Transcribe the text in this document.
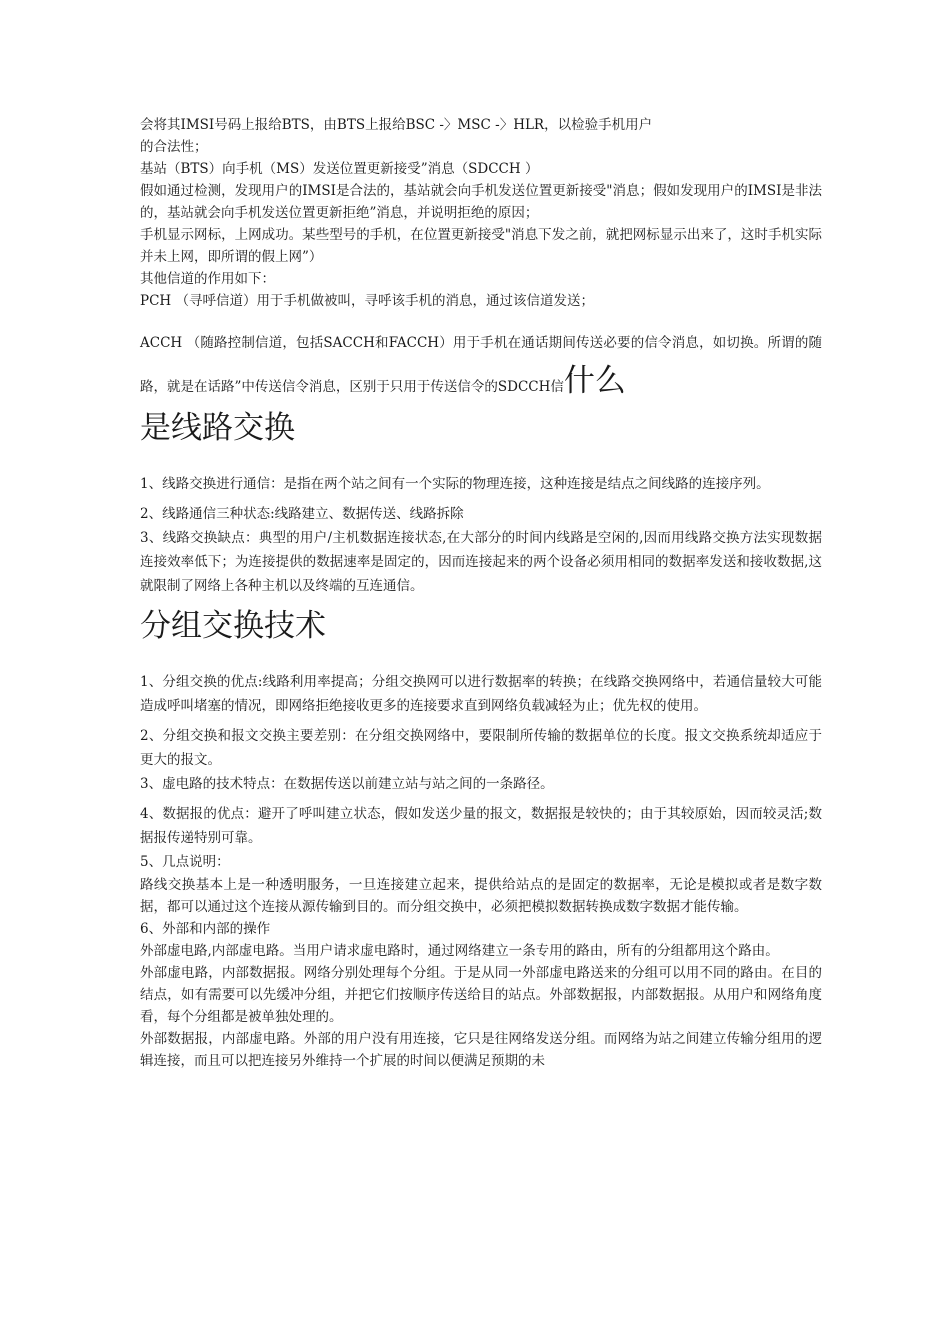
会将其IMSI号码上报给BTS，由BTS上报给BSC -〉MSC -〉HLR，以检验手机用户

的合法性；

基站（BTS）向手机（MS）发送位置更新接受”消息（SDCCH ）

假如通过检测，发现用户的IMSI是合法的，基站就会向手机发送位置更新接受"消息；假如发现用户的IMSI是非法的，基站就会向手机发送位置更新拒绝”消息，并说明拒绝的原因；

手机显示网标，上网成功。某些型号的手机，在位置更新接受"消息下发之前，就把网标显示出来了，这时手机实际并未上网，即所谓的假上网”）

其他信道的作用如下：

PCH （寻呼信道）用于手机做被叫，寻呼该手机的消息，通过该信道发送；

ACCH （随路控制信道，包括SACCH和FACCH）用于手机在通话期间传送必要的信令消息，如切换。所谓的随路，就是在话路”中传送信令消息，区别于只用于传送信令的SDCCH信什么

是线路交换

1、线路交换进行通信：是指在两个站之间有一个实际的物理连接，这种连接是结点之间线路的连接序列。

2、线路通信三种状态:线路建立、数据传送、线路拆除

3、线路交换缺点：典型的用户/主机数据连接状态,在大部分的时间内线路是空闲的,因而用线路交换方法实现数据连接效率低下；为连接提供的数据速率是固定的，因而连接起来的两个设备必须用相同的数据率发送和接收数据,这就限制了网络上各种主机以及终端的互连通信。

分组交换技术

1、分组交换的优点:线路利用率提高；分组交换网可以进行数据率的转换；在线路交换网络中，若通信量较大可能造成呼叫堵塞的情况，即网络拒绝接收更多的连接要求直到网络负载减轻为止；优先权的使用。

2、分组交换和报文交换主要差别：在分组交换网络中，要限制所传输的数据单位的长度。报文交换系统却适应于更大的报文。

3、虚电路的技术特点：在数据传送以前建立站与站之间的一条路径。

4、数据报的优点：避开了呼叫建立状态，假如发送少量的报文，数据报是较快的；由于其较原始，因而较灵活;数据报传递特别可靠。

5、几点说明：

路线交换基本上是一种透明服务，一旦连接建立起来，提供给站点的是固定的数据率，无论是模拟或者是数字数据，都可以通过这个连接从源传输到目的。而分组交换中，必须把模拟数据转换成数字数据才能传输。

6、外部和内部的操作

外部虚电路,内部虚电路。当用户请求虚电路时，通过网络建立一条专用的路由，所有的分组都用这个路由。

外部虚电路，内部数据报。网络分别处理每个分组。于是从同一外部虚电路送来的分组可以用不同的路由。在目的结点，如有需要可以先缓冲分组，并把它们按顺序传送给目的站点。外部数据报，内部数据报。从用户和网络角度看，每个分组都是被单独处理的。

外部数据报，内部虚电路。外部的用户没有用连接，它只是往网络发送分组。而网络为站之间建立传输分组用的逻辑连接，而且可以把连接另外维持一个扩展的时间以便满足预期的未
